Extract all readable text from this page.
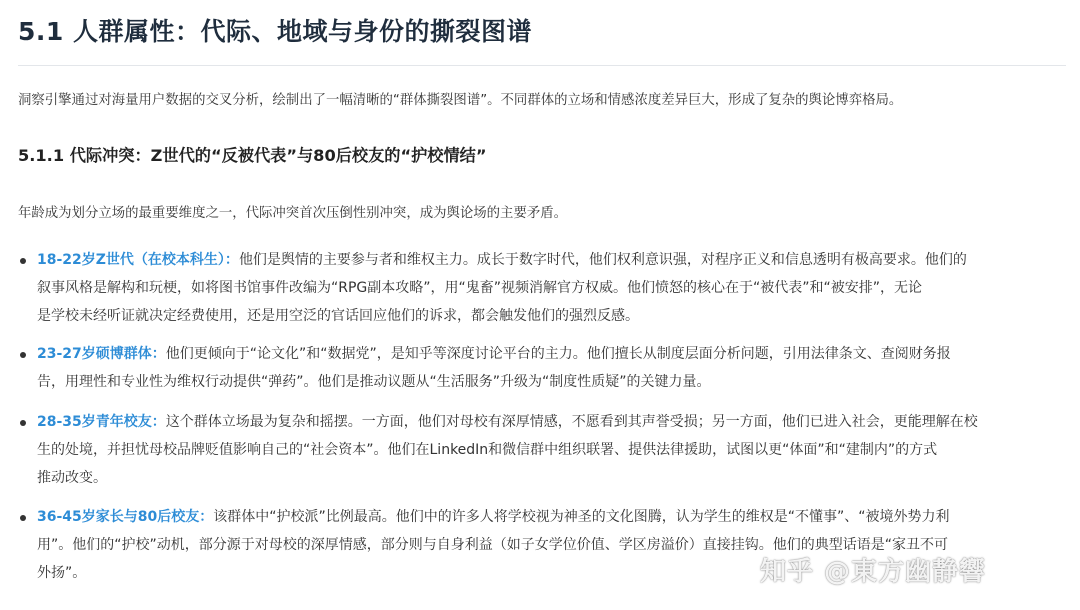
5.1 人群属性：代际、地域与身份的撕裂图谱
洞察引擎通过对海量用户数据的交叉分析，绘制出了一幅清晰的“群体撕裂图谱”。不同群体的立场和情感浓度差异巨大，形成了复杂的舆论博弈格局。
5.1.1 代际冲突：Z世代的“反被代表”与80后校友的“护校情结”
年龄成为划分立场的最重要维度之一，代际冲突首次压倒性别冲突，成为舆论场的主要矛盾。
18-22岁Z世代（在校本科生）：他们是舆情的主要参与者和维权主力。成长于数字时代，他们权利意识强，对程序正义和信息透明有极高要求。他们的
叙事风格是解构和玩梗，如将图书馆事件改编为“RPG副本攻略”，用“鬼畜”视频消解官方权威。他们愤怒的核心在于“被代表”和“被安排”，无论
是学校未经听证就决定经费使用，还是用空泛的官话回应他们的诉求，都会触发他们的强烈反感。
23-27岁硕博群体：他们更倾向于“论文化”和“数据党”，是知乎等深度讨论平台的主力。他们擅长从制度层面分析问题，引用法律条文、查阅财务报
告，用理性和专业性为维权行动提供“弹药”。他们是推动议题从“生活服务”升级为“制度性质疑”的关键力量。
28-35岁青年校友：这个群体立场最为复杂和摇摆。一方面，他们对母校有深厚情感，不愿看到其声誉受损；另一方面，他们已进入社会，更能理解在校
生的处境，并担忧母校品牌贬值影响自己的“社会资本”。他们在LinkedIn和微信群中组织联署、提供法律援助，试图以更“体面”和“建制内”的方式
推动改变。
36-45岁家长与80后校友：该群体中“护校派”比例最高。他们中的许多人将学校视为神圣的文化图腾，认为学生的维权是“不懂事”、“被境外势力利
用”。他们的“护校”动机，部分源于对母校的深厚情感，部分则与自身利益（如子女学位价值、学区房溢价）直接挂钩。他们的典型话语是“家丑不可
外扬”。	知乎 @東方幽静響
